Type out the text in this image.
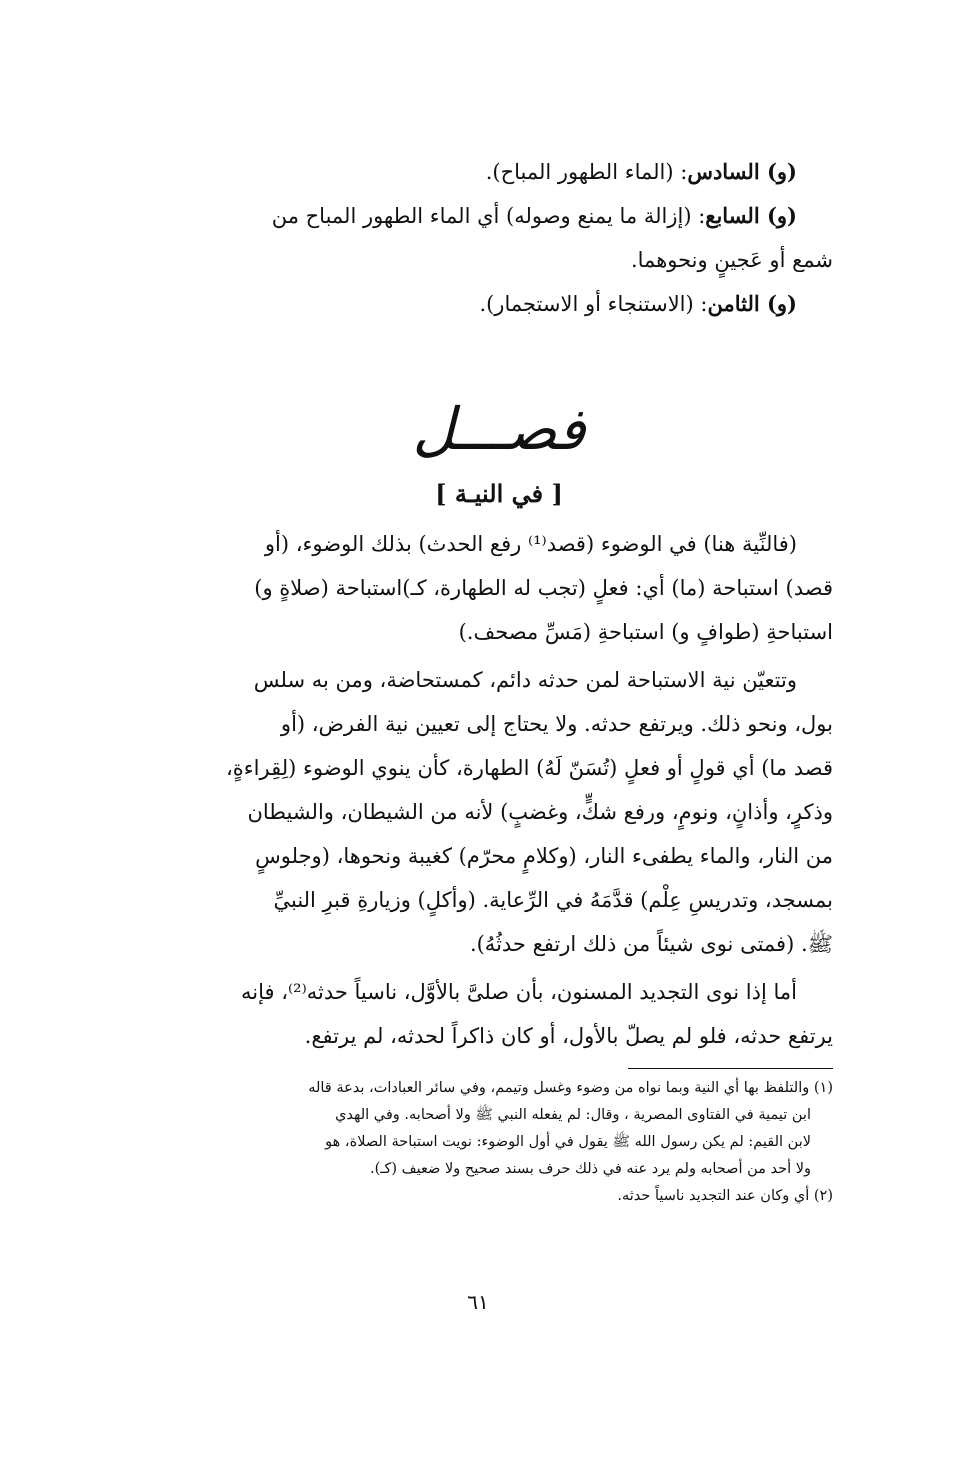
(و) السادس: (الماء الطهور المباح).

(و) السابع: (إزالة ما يمنع وصوله) أي الماء الطهور المباح من

شمع أو عَجينٍ ونحوهما.

(و) الثامن: (الاستنجاء أو الاستجمار).

فصـــل
[ في النيـة ]

(فالنِّية هنا) في الوضوء (قصد⁽¹⁾ رفع الحدث) بذلك الوضوء، (أو

قصد) استباحة (ما) أي: فعلٍ (تجب له الطهارة، كـ)استباحة (صلاةٍ و)

استباحةِ (طوافٍ و) استباحةِ (مَسِّ مصحف.)

وتتعيّن نية الاستباحة لمن حدثه دائم، كمستحاضة، ومن به سلس

بول، ونحو ذلك. ويرتفع حدثه. ولا يحتاج إلى تعيين نية الفرض، (أو

قصد ما) أي قولٍ أو فعلٍ (تُسَنّ لَهُ) الطهارة، كأن ينوي الوضوء (لِقِراءةٍ،

وذكرٍ، وأذانٍ، ونومٍ، ورفع شكٍّ، وغضبٍ) لأنه من الشيطان، والشيطان

من النار، والماء يطفىء النار، (وكلامٍ محرّم) كغيبة ونحوها، (وجلوسٍ

بمسجد، وتدريسِ عِلْم) قدَّمَهُ في الرِّعاية. (وأكلٍ) وزيارةِ قبرِ النبيِّ

ﷺ. (فمتى نوى شيئاً من ذلك ارتفع حدثُهُ).

أما إذا نوى التجديد المسنون، بأن صلىَّ بالأوَّل، ناسياً حدثه⁽²⁾، فإنه

يرتفع حدثه، فلو لم يصلّ بالأول، أو كان ذاكراً لحدثه، لم يرتفع.

(١) والتلفظ بها أي النية وبما نواه من وضوء وغسل وتيمم، وفي سائر العبادات، بدعة قاله

ابن تيمية في الفتاوى المصرية ، وقال: لم يفعله النبي ﷺ ولا أصحابه. وفي الهدي

لابن القيم: لم يكن رسول الله ﷺ يقول في أول الوضوء: نويت استباحة الصلاة، هو

ولا أحد من أصحابه ولم يرد عنه في ذلك حرف بسند صحيح ولا ضعيف (كـ).

(٢) أي وكان عند التجديد ناسياً حدثه.

٦١
